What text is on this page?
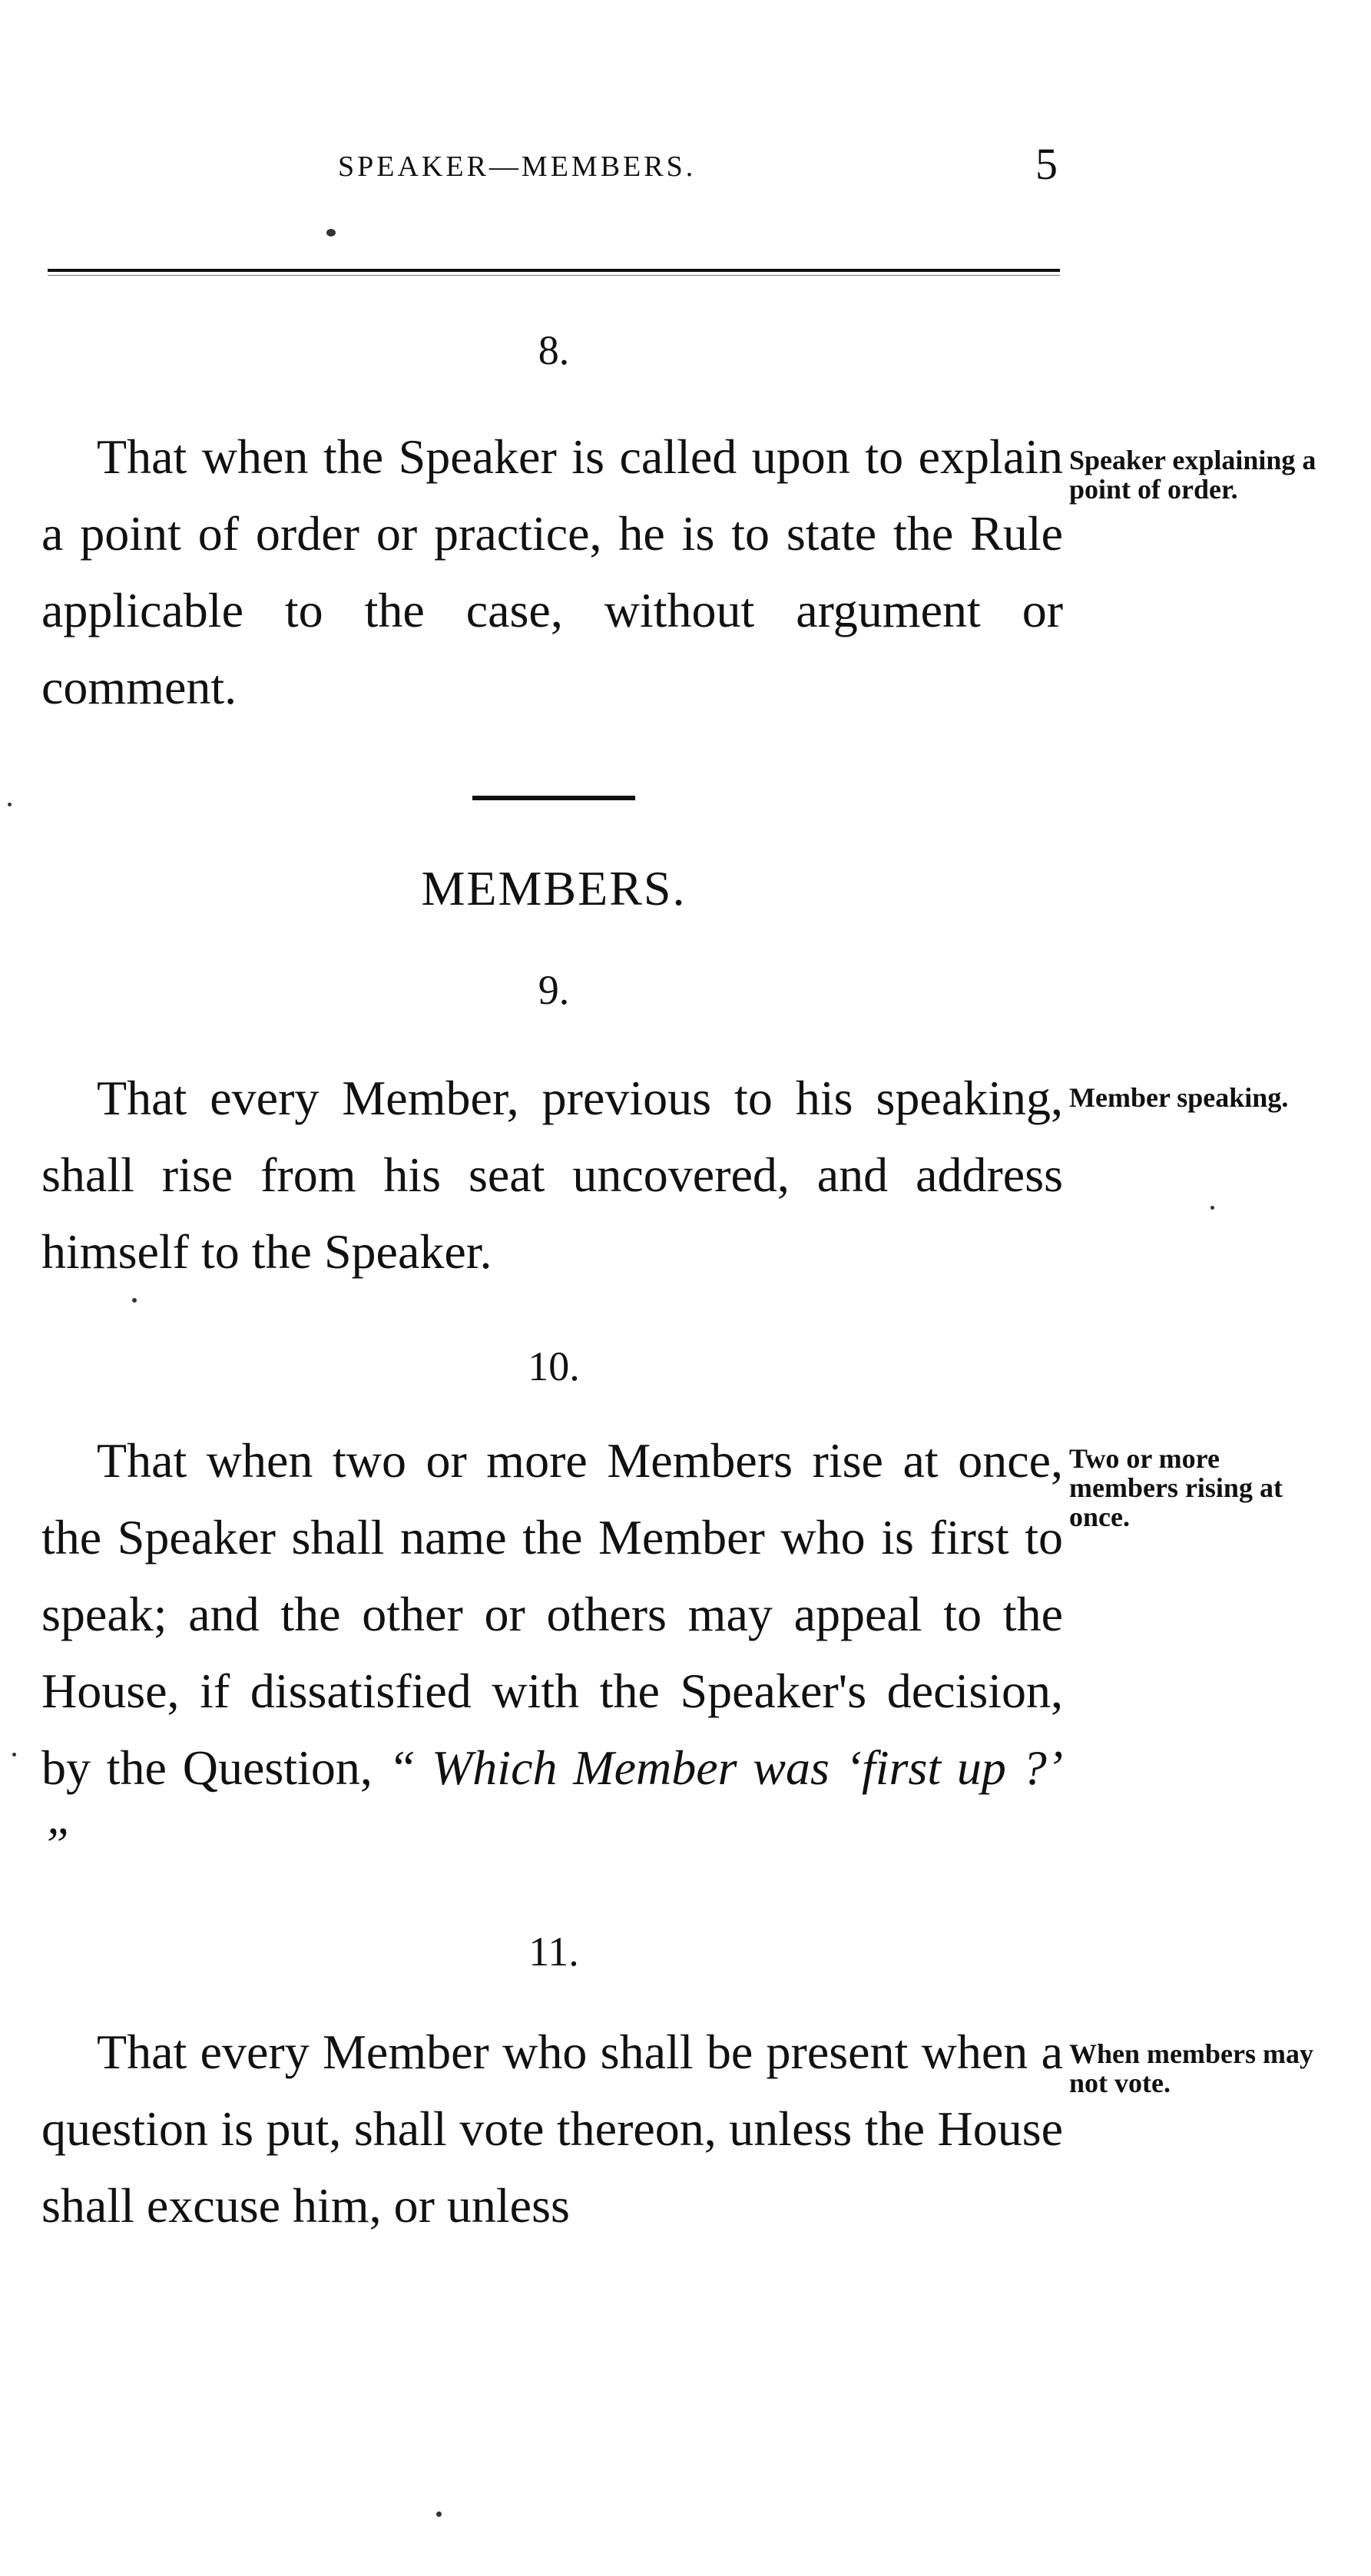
SPEAKER—MEMBERS.	5
8.
That when the Speaker is called upon to explain a point of order or practice, he is to state the Rule applicable to the case, without argument or comment.
Speaker explaining a point of order.
MEMBERS.
9.
That every Member, previous to his speaking, shall rise from his seat uncovered, and address himself to the Speaker.
Member speaking.
10.
That when two or more Members rise at once, the Speaker shall name the Member who is first to speak; and the other or others may appeal to the House, if dissatisfied with the Speaker's decision, by the Question, “ Which Member was ‘first up ?’ ”
Two or more members rising at once.
11.
That every Member who shall be present when a question is put, shall vote thereon, unless the House shall excuse him, or unless
When members may not vote.
